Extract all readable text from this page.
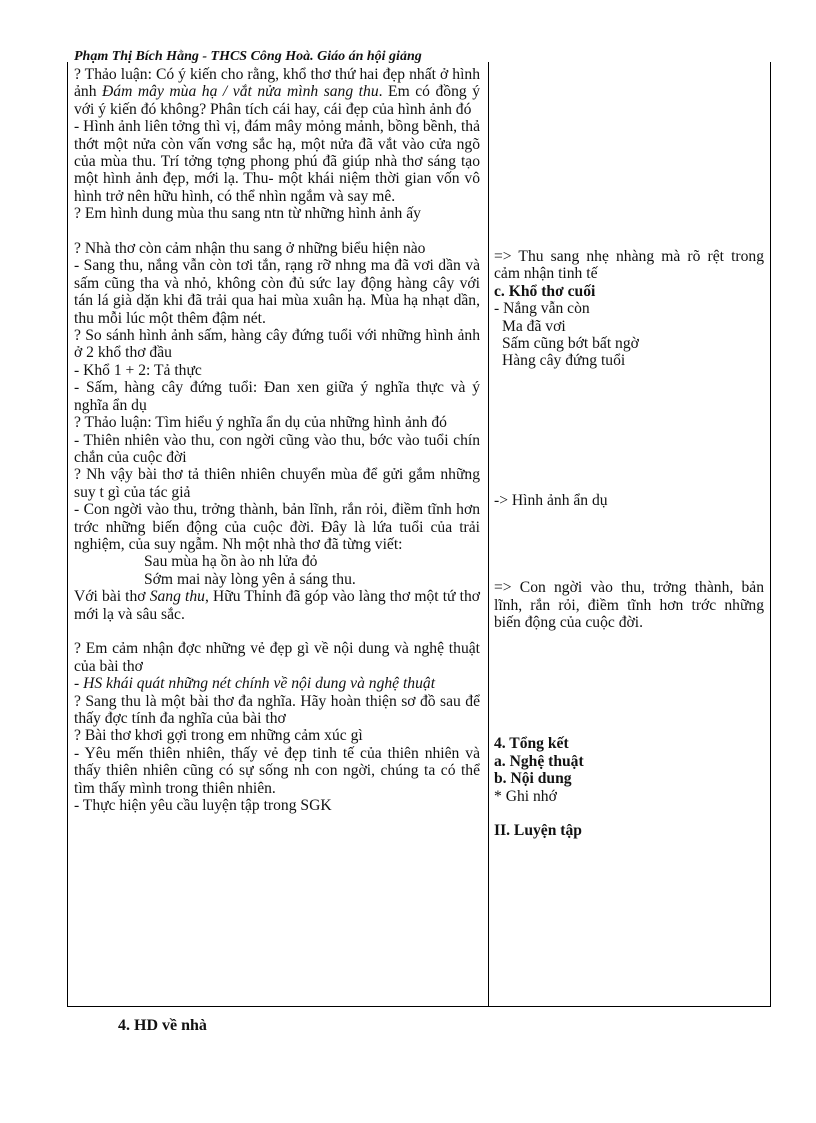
Phạm Thị Bích Hằng - THCS Công Hoà. Giáo án hội giảng

? Thảo luận: Có ý kiến cho rằng, khổ thơ thứ hai đẹp nhất ở hình ảnh Đám mây mùa hạ / vắt nửa mình sang thu. Em có đồng ý với ý kiến đó không? Phân tích cái hay, cái đẹp của hình ảnh đó

- Hình ảnh liên tởng thì vị, đám mây mỏng mảnh, bồng bềnh, thả thớt một nửa còn vấn vơng sắc hạ, một nửa đã vắt vào cửa ngõ của mùa thu. Trí tởng tợng phong phú đã giúp nhà thơ sáng tạo một hình ảnh đẹp, mới lạ. Thu- một khái niệm thời gian vốn vô hình trở nên hữu hình, có thể nhìn ngắm và say mê.

? Em hình dung mùa thu sang ntn từ những hình ảnh ấy

? Nhà thơ còn cảm nhận thu sang ở những biểu hiện nào

- Sang thu, nắng vẫn còn tơi tắn, rạng rỡ nhng ma đã vơi dần và sấm cũng tha và nhỏ, không còn đủ sức lay động hàng cây với tán lá già dặn khi đã trải qua hai mùa xuân hạ. Mùa hạ nhạt dần, thu mỗi lúc một thêm đậm nét.

? So sánh hình ảnh sấm, hàng cây đứng tuổi với những hình ảnh ở 2 khổ thơ đầu

- Khổ 1 + 2: Tả thực

- Sấm, hàng cây đứng tuổi: Đan xen giữa ý nghĩa thực và ý nghĩa ẩn dụ

? Thảo luận: Tìm hiểu ý nghĩa ẩn dụ của những hình ảnh đó

- Thiên nhiên vào thu, con ngời cũng vào thu, bớc vào tuổi chín chắn của cuộc đời

? Nh vậy bài thơ tả thiên nhiên chuyển mùa để gửi gắm những suy t gì của tác giả

- Con ngời vào thu, trởng thành, bản lĩnh, rắn rỏi, điềm tĩnh hơn trớc những biến động của cuộc đời. Đây là lứa tuổi của trải nghiệm, của suy ngẫm. Nh một nhà thơ đã từng viết:

Sau mùa hạ ồn ào nh lửa đỏ

Sớm mai này lòng yên ả sáng thu.

Với bài thơ Sang thu, Hữu Thỉnh đã góp vào làng thơ một tứ thơ mới lạ và sâu sắc.

? Em cảm nhận đợc những vẻ đẹp gì về nội dung và nghệ thuật của bài thơ

- HS khái quát những nét chính về nội dung và nghệ thuật

? Sang thu là một bài thơ đa nghĩa. Hãy hoàn thiện sơ đồ sau để thấy đợc tính đa nghĩa của bài thơ

? Bài thơ khơi gợi trong em những cảm xúc gì

- Yêu mến thiên nhiên, thấy vẻ đẹp tinh tế của thiên nhiên và thấy thiên nhiên cũng có sự sống nh con ngời, chúng ta có thể tìm thấy mình trong thiên nhiên.

- Thực hiện yêu cầu luyện tập trong SGK

=> Thu sang nhẹ nhàng mà rõ rệt trong cảm nhận tinh tế

c. Khổ thơ cuối

- Nắng vẫn còn

Ma đã vơi

Sấm cũng bớt bất ngờ

Hàng cây đứng tuổi

-> Hình ảnh ẩn dụ

=> Con ngời vào thu, trởng thành, bản lĩnh, rắn rỏi, điềm tĩnh hơn trớc những biến động của cuộc đời.

4. Tổng kết

a. Nghệ thuật

b. Nội dung

* Ghi nhớ

II. Luyện tập

4. HD về nhà
